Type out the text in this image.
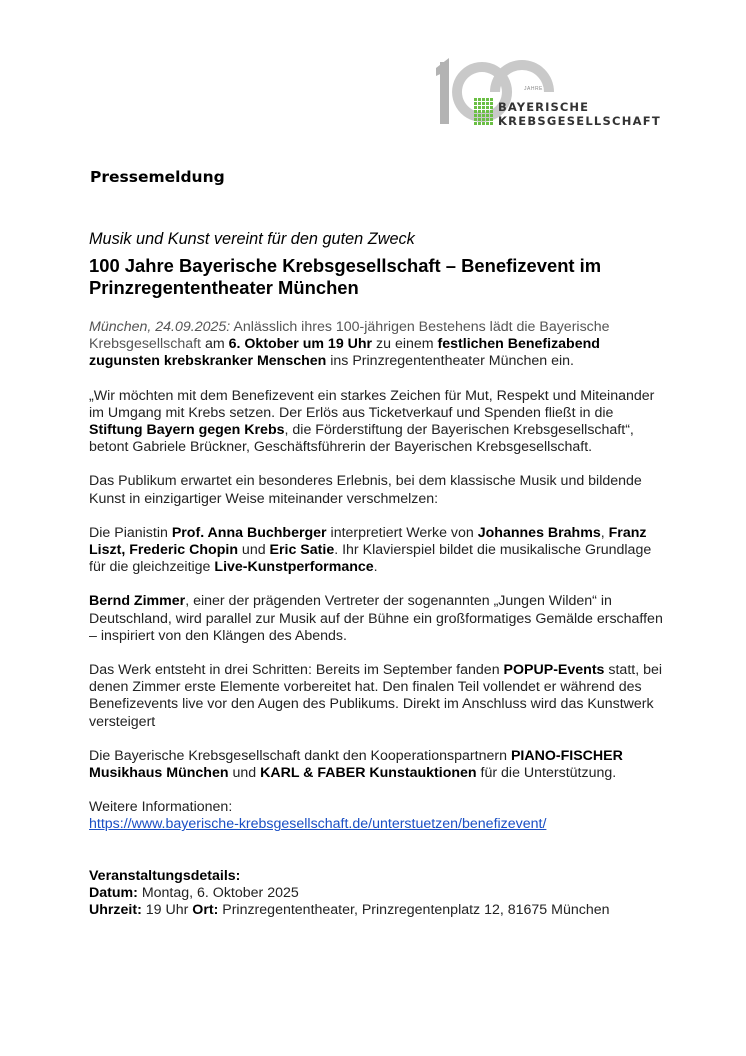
JAHRE
BAYERISCHE
KREBSGESELLSCHAFT
Pressemeldung
Musik und Kunst vereint für den guten Zweck
100 Jahre Bayerische Krebsgesellschaft – Benefizevent im Prinzregententheater München

München, 24.09.2025: Anlässlich ihres 100-jährigen Bestehens lädt die Bayerische Krebsgesellschaft am 6. Oktober um 19 Uhr zu einem festlichen Benefizabend zugunsten krebskranker Menschen ins Prinzregententheater München ein.

„Wir möchten mit dem Benefizevent ein starkes Zeichen für Mut, Respekt und Miteinander im Umgang mit Krebs setzen. Der Erlös aus Ticketverkauf und Spenden fließt in die Stiftung Bayern gegen Krebs, die Förderstiftung der Bayerischen Krebsgesellschaft“, betont Gabriele Brückner, Geschäftsführerin der Bayerischen Krebsgesellschaft.

Das Publikum erwartet ein besonderes Erlebnis, bei dem klassische Musik und bildende Kunst in einzigartiger Weise miteinander verschmelzen:

Die Pianistin Prof. Anna Buchberger interpretiert Werke von Johannes Brahms, Franz Liszt, Frederic Chopin und Eric Satie. Ihr Klavierspiel bildet die musikalische Grundlage für die gleichzeitige Live-Kunstperformance.

Bernd Zimmer, einer der prägenden Vertreter der sogenannten „Jungen Wilden“ in Deutschland, wird parallel zur Musik auf der Bühne ein großformatiges Gemälde erschaffen – inspiriert von den Klängen des Abends.

Das Werk entsteht in drei Schritten: Bereits im September fanden POPUP-Events statt, bei denen Zimmer erste Elemente vorbereitet hat. Den finalen Teil vollendet er während des Benefizevents live vor den Augen des Publikums. Direkt im Anschluss wird das Kunstwerk versteigert

Die Bayerische Krebsgesellschaft dankt den Kooperationspartnern PIANO-FISCHER Musikhaus München und KARL & FABER Kunstauktionen für die Unterstützung.

Weitere Informationen:

https://www.bayerische-krebsgesellschaft.de/unterstuetzen/benefizevent/

Veranstaltungsdetails:

Datum: Montag, 6. Oktober 2025

Uhrzeit: 19 Uhr Ort: Prinzregententheater, Prinzregentenplatz 12, 81675 München
